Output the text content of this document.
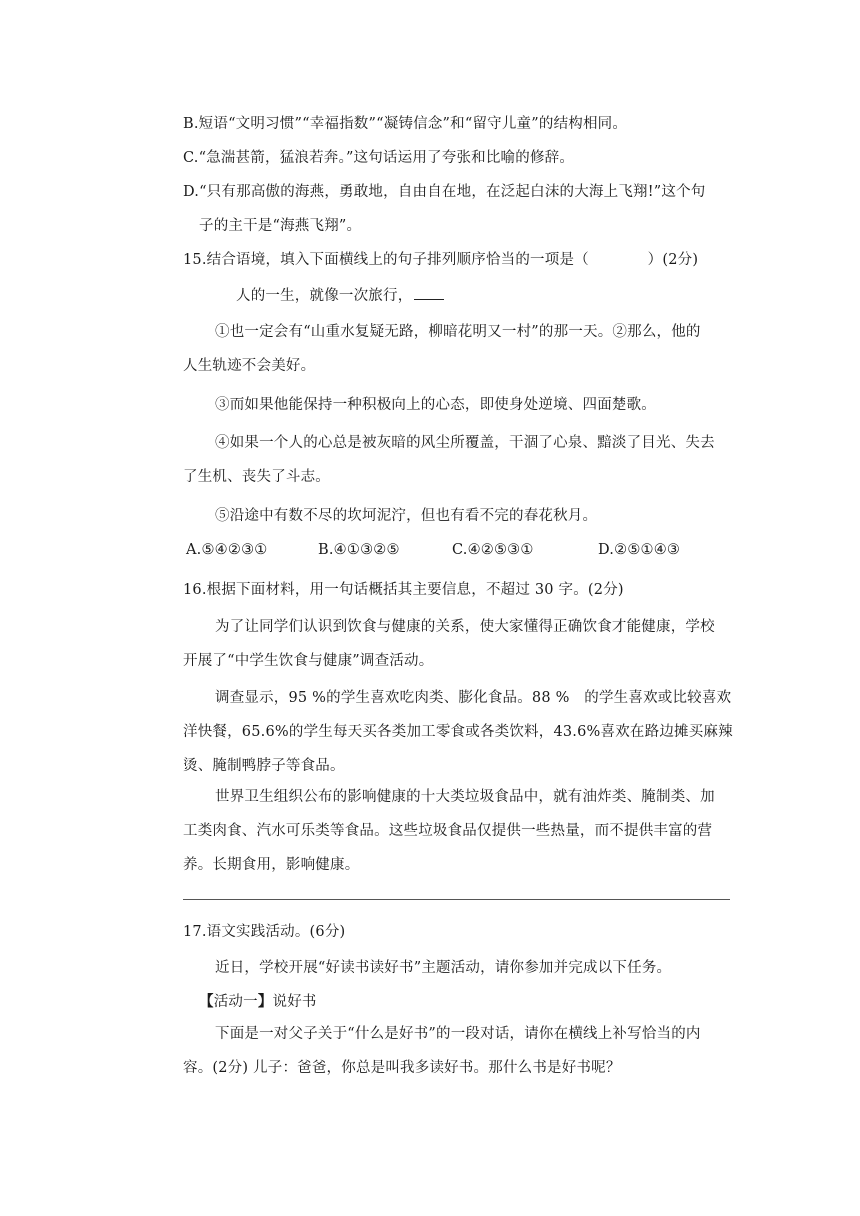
B.短语“文明习惯”“幸福指数”“凝铸信念”和“留守儿童”的结构相同。
C.“急湍甚箭，猛浪若奔。”这句话运用了夸张和比喻的修辞。
D.“只有那高傲的海燕，勇敢地，自由自在地，在泛起白沫的大海上飞翔!”这个句
子的主干是“海燕飞翔”。
15.结合语境，填入下面横线上的句子排列顺序恰当的一项是（　　　　）(2分)
人的一生，就像一次旅行，
①也一定会有“山重水复疑无路，柳暗花明又一村”的那一天。②那么，他的
人生轨迹不会美好。
③而如果他能保持一种积极向上的心态，即使身处逆境、四面楚歌。
④如果一个人的心总是被灰暗的风尘所覆盖，干涸了心泉、黯淡了目光、失去
了生机、丧失了斗志。
⑤沿途中有数不尽的坎坷泥泞，但也有看不完的春花秋月。
A.⑤④②③①	B.④①③②⑤	C.④②⑤③①	D.②⑤①④③
16.根据下面材料，用一句话概括其主要信息，不超过 30 字。(2分)
为了让同学们认识到饮食与健康的关系，使大家懂得正确饮食才能健康，学校
开展了“中学生饮食与健康”调查活动。
调查显示，95 %的学生喜欢吃肉类、膨化食品。88 %　的学生喜欢或比较喜欢
洋快餐，65.6%的学生每天买各类加工零食或各类饮料，43.6%喜欢在路边摊买麻辣
烫、腌制鸭脖子等食品。
世界卫生组织公布的影响健康的十大类垃圾食品中，就有油炸类、腌制类、加
工类肉食、汽水可乐类等食品。这些垃圾食品仅提供一些热量，而不提供丰富的营
养。长期食用，影响健康。
17.语文实践活动。(6分)
近日，学校开展“好读书读好书”主题活动，请你参加并完成以下任务。
【活动一】说好书
下面是一对父子关于“什么是好书”的一段对话，请你在横线上补写恰当的内
容。(2分) 儿子：爸爸，你总是叫我多读好书。那什么书是好书呢？
